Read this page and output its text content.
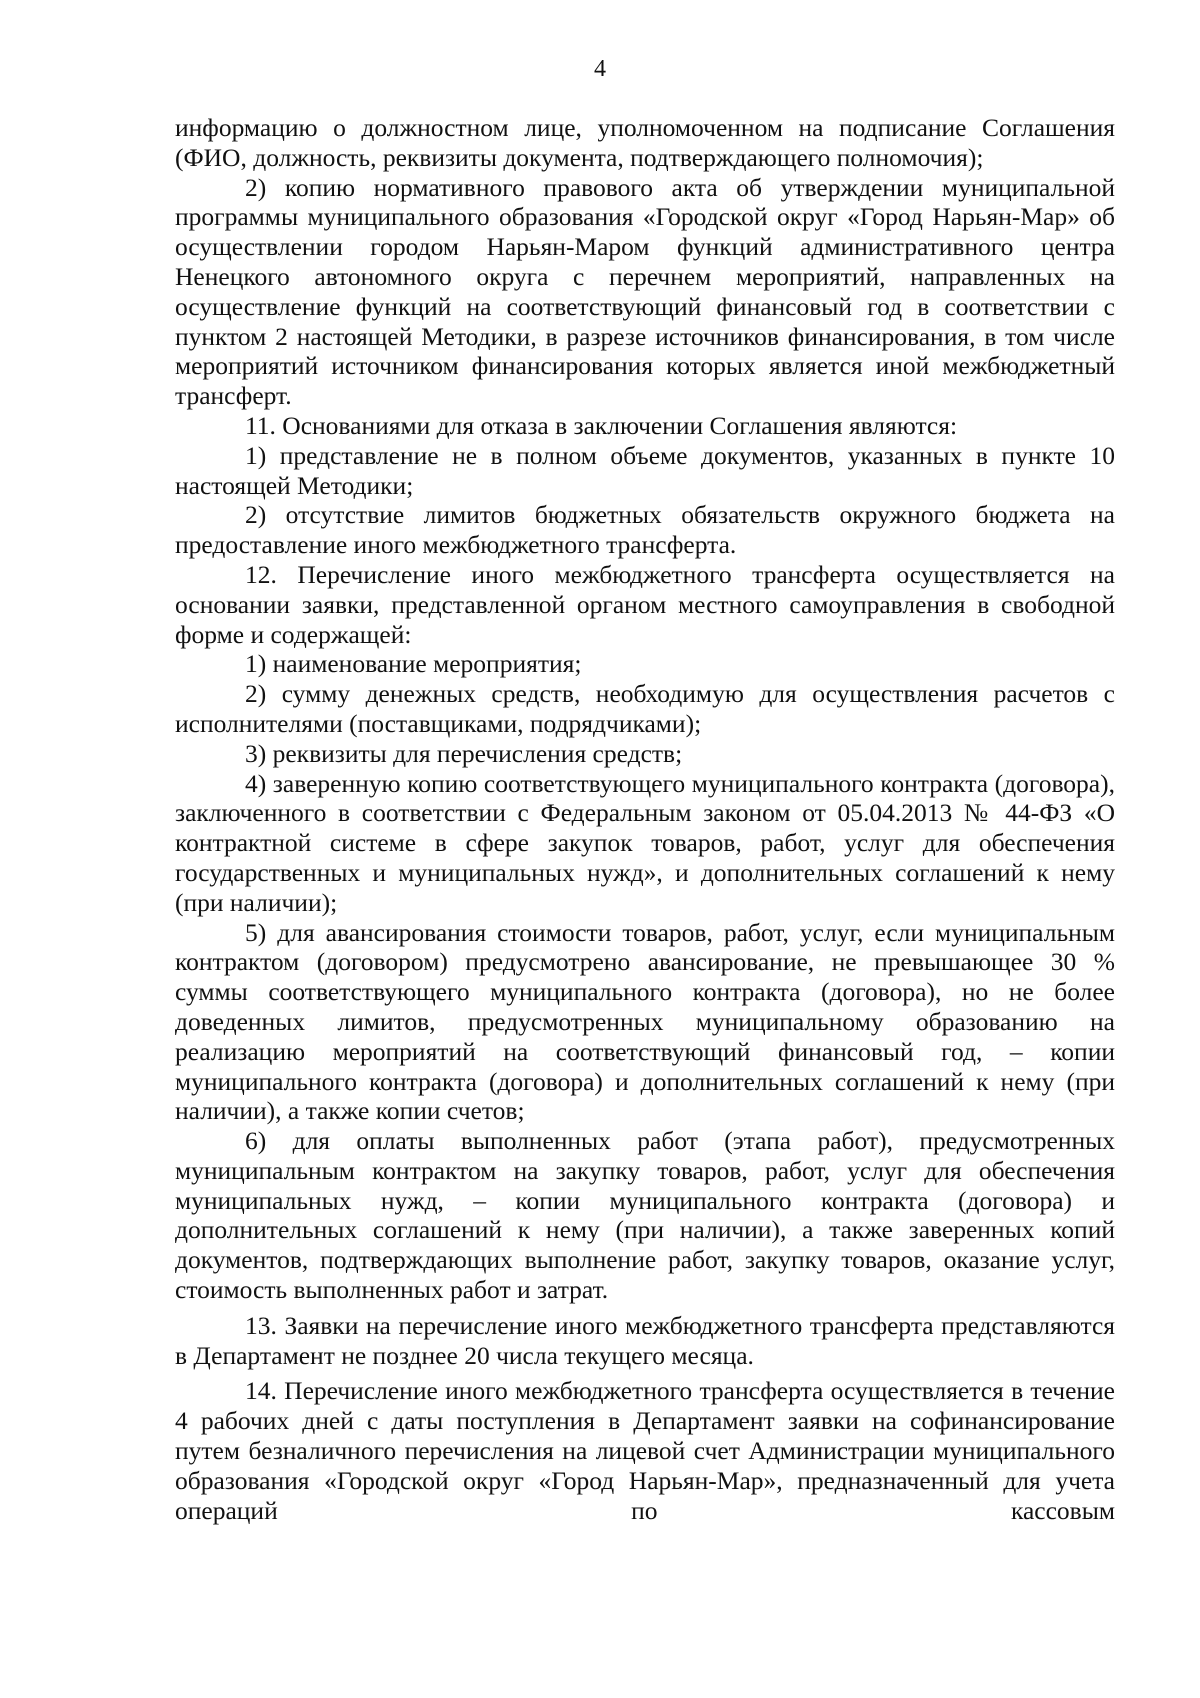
4

информацию о должностном лице, уполномоченном на подписание Соглашения (ФИО, должность, реквизиты документа, подтверждающего полномочия);

2) копию нормативного правового акта об утверждении муниципальной программы муниципального образования «Городской округ «Город Нарьян-Мар» об осуществлении городом Нарьян-Маром функций административного центра Ненецкого автономного округа с перечнем мероприятий, направленных на осуществление функций на соответствующий финансовый год в соответствии с пунктом 2 настоящей Методики, в разрезе источников финансирования, в том числе мероприятий источником финансирования которых является иной межбюджетный трансферт.

11. Основаниями для отказа в заключении Соглашения являются:

1) представление не в полном объеме документов, указанных в пункте 10 настоящей Методики;

2) отсутствие лимитов бюджетных обязательств окружного бюджета на предоставление иного межбюджетного трансферта.

12. Перечисление иного межбюджетного трансферта осуществляется на основании заявки, представленной органом местного самоуправления в свободной форме и содержащей:

1) наименование мероприятия;

2) сумму денежных средств, необходимую для осуществления расчетов с исполнителями (поставщиками, подрядчиками);

3) реквизиты для перечисления средств;

4) заверенную копию соответствующего муниципального контракта (договора), заключенного в соответствии с Федеральным законом от 05.04.2013 № 44-ФЗ «О контрактной системе в сфере закупок товаров, работ, услуг для обеспечения государственных и муниципальных нужд», и дополнительных соглашений к нему (при наличии);

5) для авансирования стоимости товаров, работ, услуг, если муниципальным контрактом (договором) предусмотрено авансирование, не превышающее 30 % суммы соответствующего муниципального контракта (договора), но не более доведенных лимитов, предусмотренных муниципальному образованию на реализацию мероприятий на соответствующий финансовый год, – копии муниципального контракта (договора) и дополнительных соглашений к нему (при наличии), а также копии счетов;

6) для оплаты выполненных работ (этапа работ), предусмотренных муниципальным контрактом на закупку товаров, работ, услуг для обеспечения муниципальных нужд, – копии муниципального контракта (договора) и дополнительных соглашений к нему (при наличии), а также заверенных копий документов, подтверждающих выполнение работ, закупку товаров, оказание услуг, стоимость выполненных работ и затрат.

13. Заявки на перечисление иного межбюджетного трансферта представляются в Департамент не позднее 20 числа текущего месяца.

14. Перечисление иного межбюджетного трансферта осуществляется в течение 4 рабочих дней с даты поступления в Департамент заявки на софинансирование путем безналичного перечисления на лицевой счет Администрации муниципального образования «Городской округ «Город Нарьян-Мар», предназначенный для учета операций по кассовым
